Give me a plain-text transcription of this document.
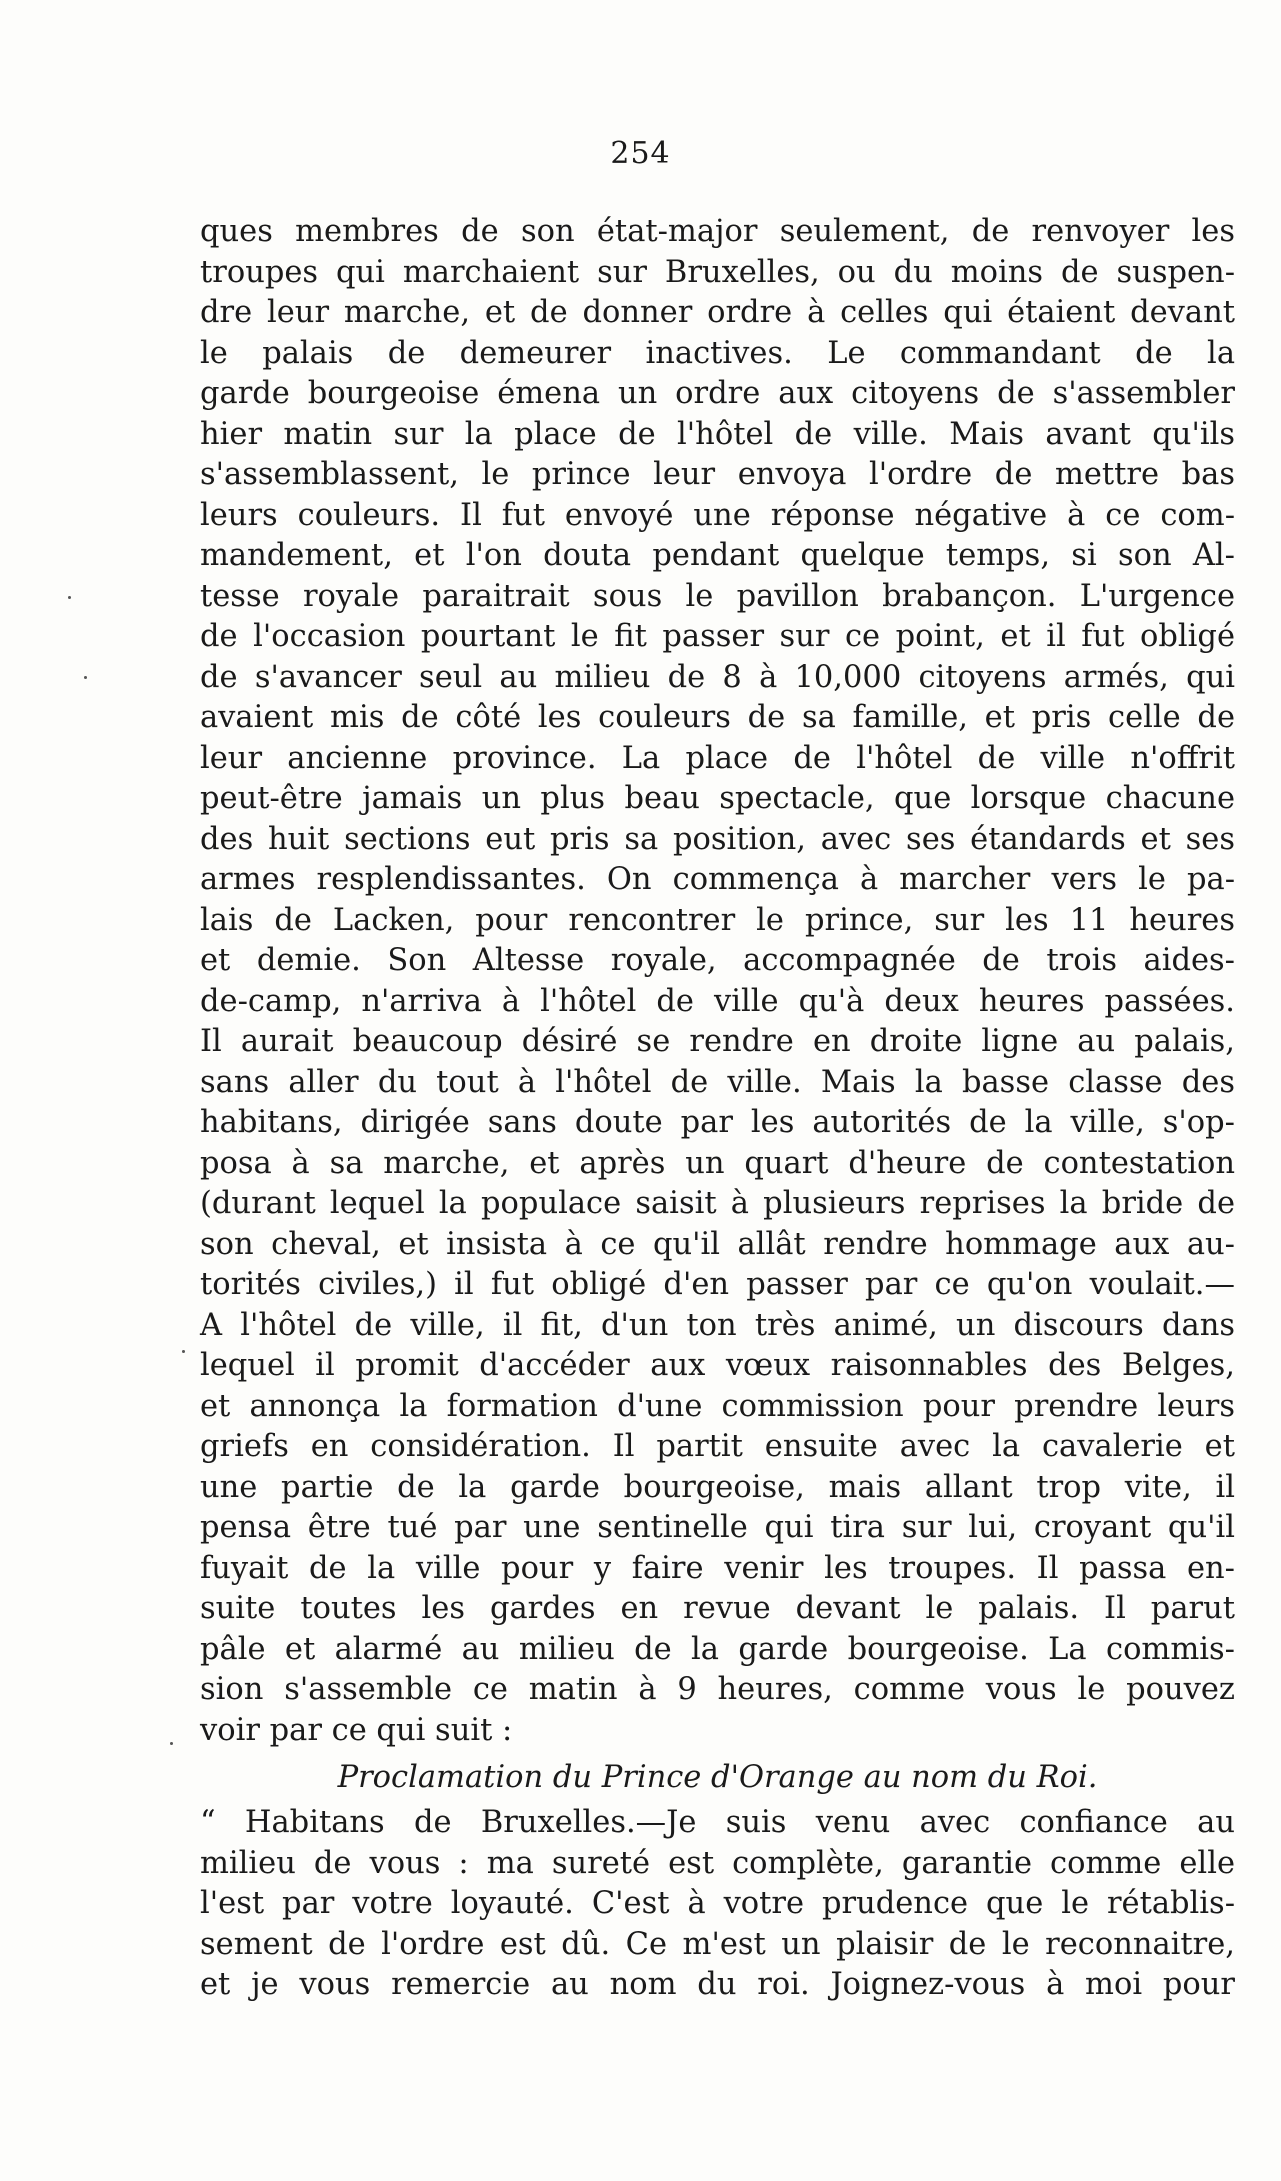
254
ques membres de son état-major seulement, de renvoyer les
troupes qui marchaient sur Bruxelles, ou du moins de suspen-
dre leur marche, et de donner ordre à celles qui étaient devant
le palais de demeurer inactives. Le commandant de la
garde bourgeoise émena un ordre aux citoyens de s'assembler
hier matin sur la place de l'hôtel de ville. Mais avant qu'ils
s'assemblassent, le prince leur envoya l'ordre de mettre bas
leurs couleurs. Il fut envoyé une réponse négative à ce com-
mandement, et l'on douta pendant quelque temps, si son Al-
tesse royale paraitrait sous le pavillon brabançon. L'urgence
de l'occasion pourtant le fit passer sur ce point, et il fut obligé
de s'avancer seul au milieu de 8 à 10,000 citoyens armés, qui
avaient mis de côté les couleurs de sa famille, et pris celle de
leur ancienne province. La place de l'hôtel de ville n'offrit
peut-être jamais un plus beau spectacle, que lorsque chacune
des huit sections eut pris sa position, avec ses étandards et ses
armes resplendissantes. On commença à marcher vers le pa-
lais de Lacken, pour rencontrer le prince, sur les 11 heures
et demie. Son Altesse royale, accompagnée de trois aides-
de-camp, n'arriva à l'hôtel de ville qu'à deux heures passées.
Il aurait beaucoup désiré se rendre en droite ligne au palais,
sans aller du tout à l'hôtel de ville. Mais la basse classe des
habitans, dirigée sans doute par les autorités de la ville, s'op-
posa à sa marche, et après un quart d'heure de contestation
(durant lequel la populace saisit à plusieurs reprises la bride de
son cheval, et insista à ce qu'il allât rendre hommage aux au-
torités civiles,) il fut obligé d'en passer par ce qu'on voulait.—
A l'hôtel de ville, il fit, d'un ton très animé, un discours dans
lequel il promit d'accéder aux vœux raisonnables des Belges,
et annonça la formation d'une commission pour prendre leurs
griefs en considération. Il partit ensuite avec la cavalerie et
une partie de la garde bourgeoise, mais allant trop vite, il
pensa être tué par une sentinelle qui tira sur lui, croyant qu'il
fuyait de la ville pour y faire venir les troupes. Il passa en-
suite toutes les gardes en revue devant le palais. Il parut
pâle et alarmé au milieu de la garde bourgeoise. La commis-
sion s'assemble ce matin à 9 heures, comme vous le pouvez
voir par ce qui suit :
Proclamation du Prince d'Orange au nom du Roi.
“ Habitans de Bruxelles.—Je suis venu avec confiance au
milieu de vous : ma sureté est complète, garantie comme elle
l'est par votre loyauté. C'est à votre prudence que le rétablis-
sement de l'ordre est dû. Ce m'est un plaisir de le reconnaitre,
et je vous remercie au nom du roi. Joignez-vous à moi pour
